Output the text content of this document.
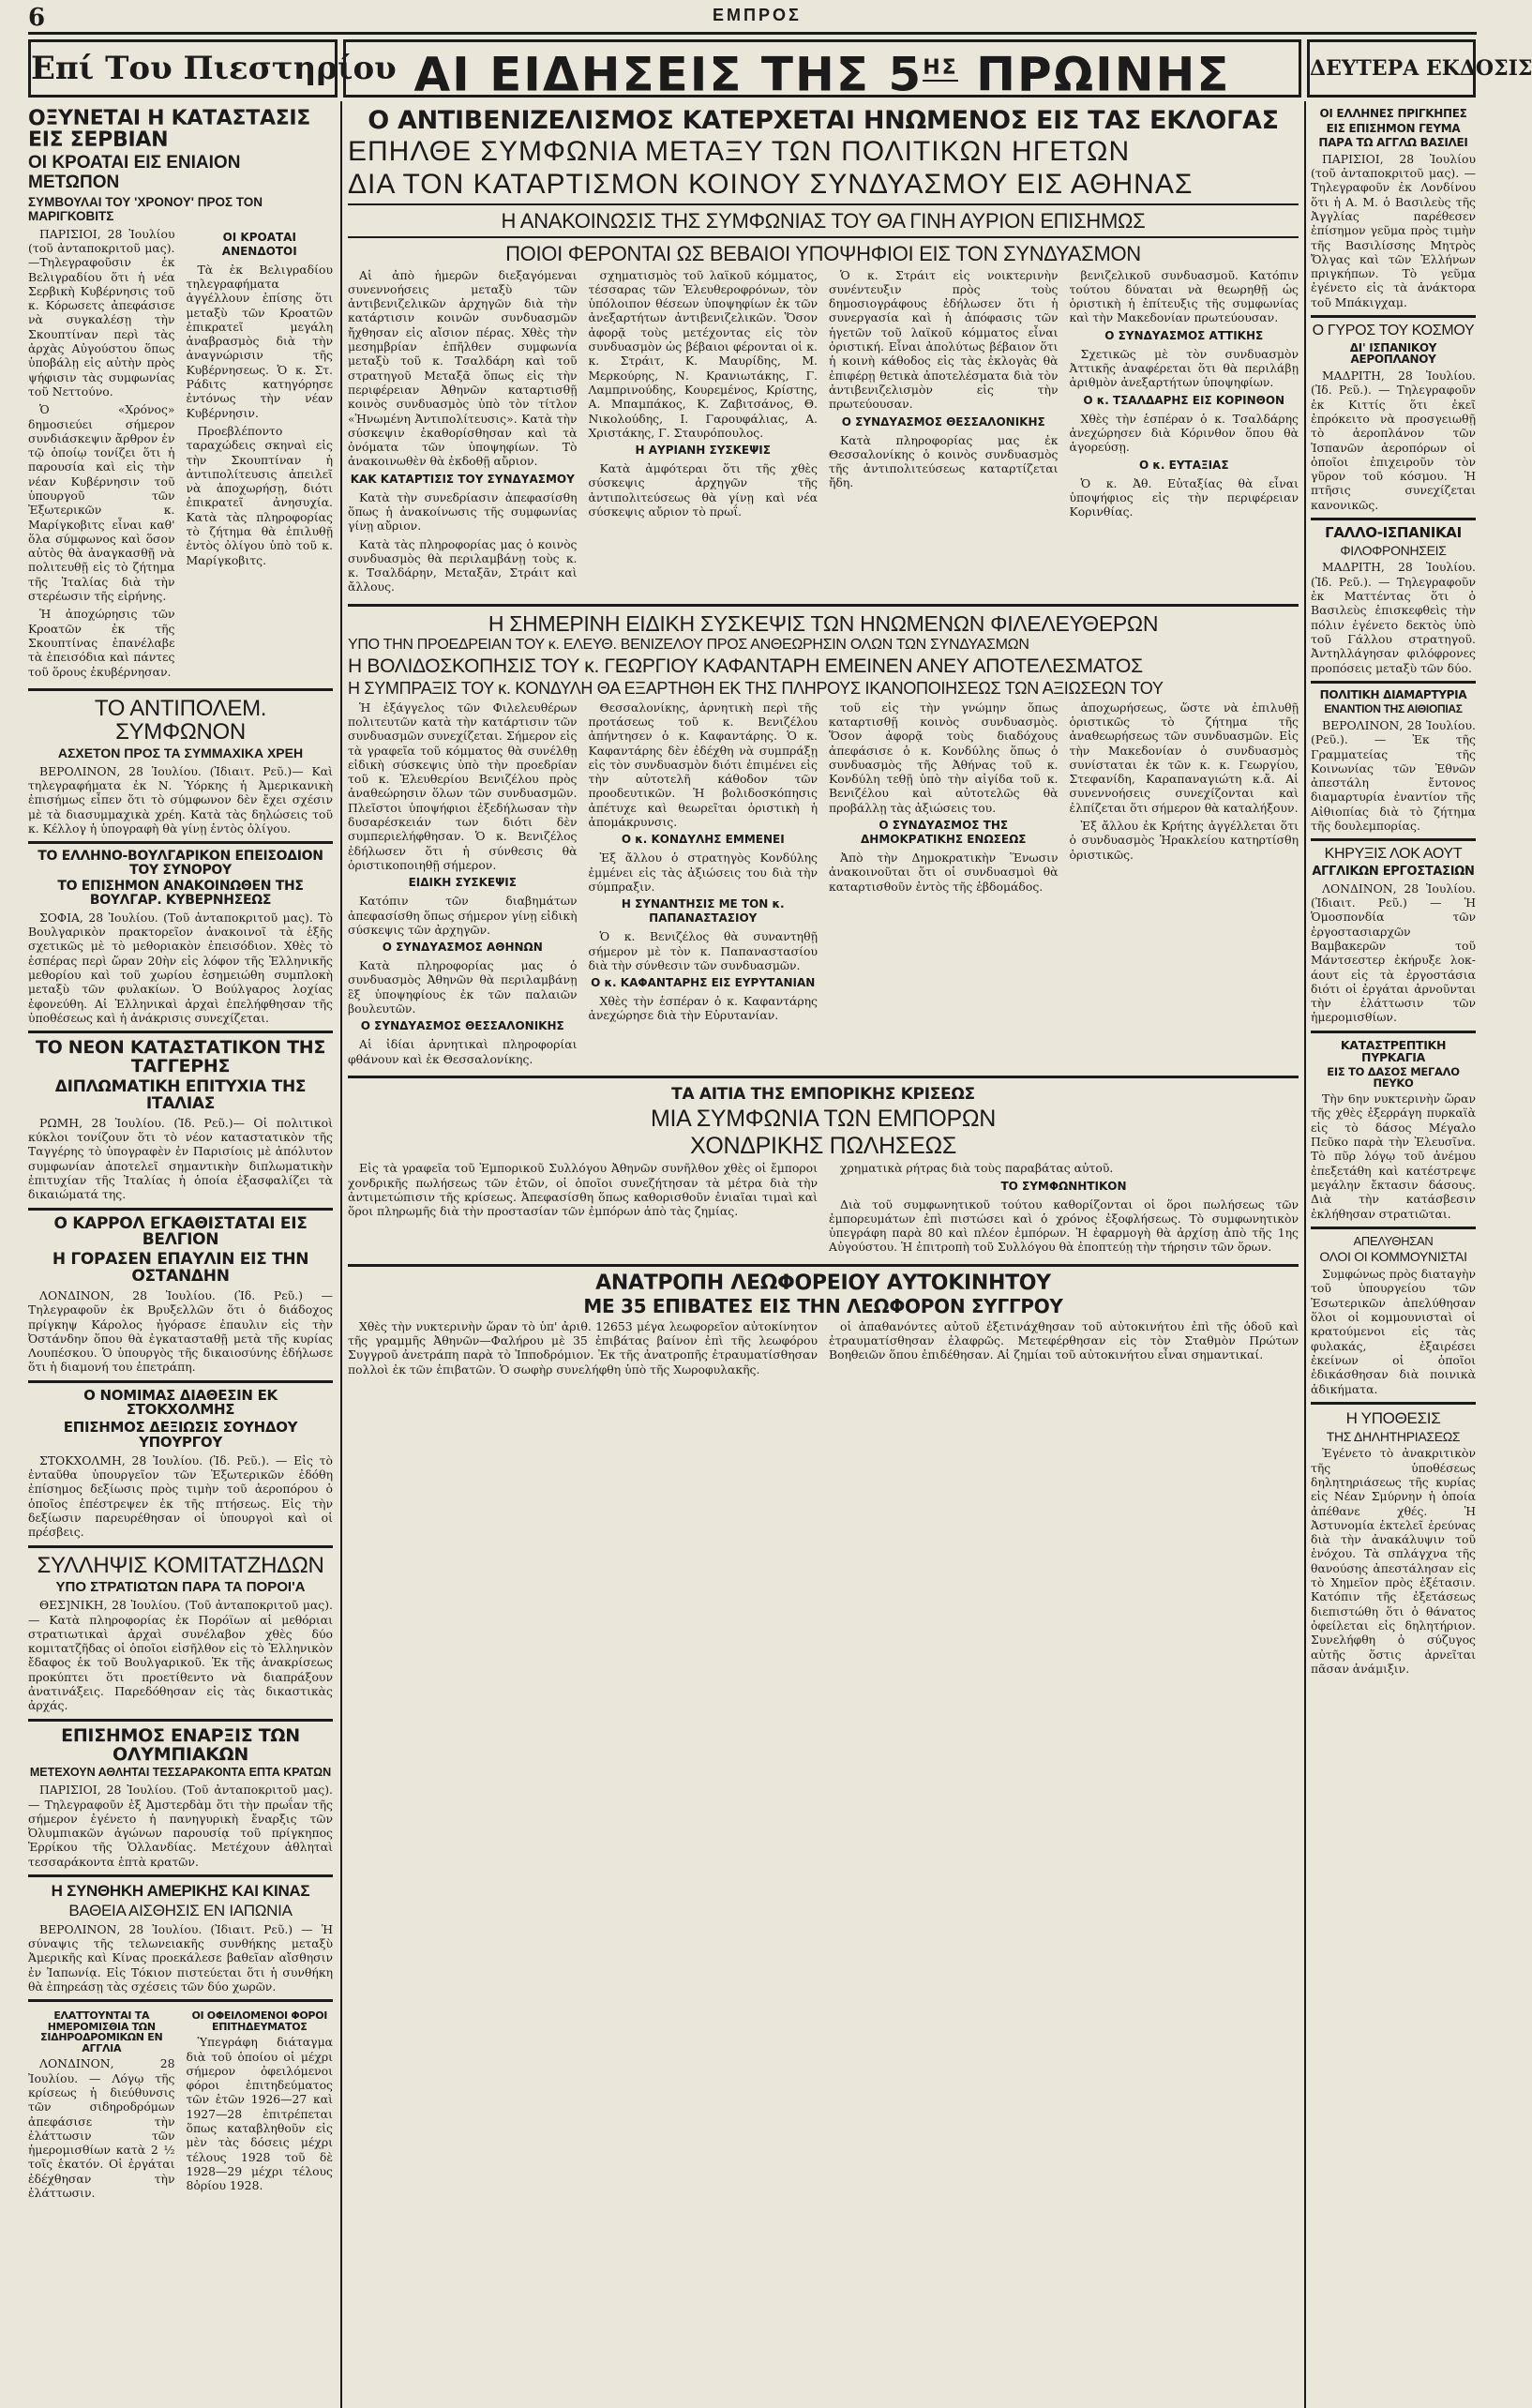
6	ΕΜΠΡΟΣ
Επί Του Πιεστηρίου ΑΙ ΕΙΔΗΣΕΙΣ ΤΗΣ $5^{H\Sigma}$ ΠΡΩΙΝΗΣ	ΔΕΥΤΕΡΑ ΕΚΔΟΣΙΣ
ΟΞΥΝΕΤΑΙ Η ΚΑΤΑΣΤΑΣΙΣ ΕΙΣ ΣΕΡΒΙΑΝ
ΟΙ ΚΡΟΑΤΑΙ ΕΙΣ ΕΝΙΑΙΟΝ ΜΕΤΩΠΟΝ
ΣΥΜΒΟΥΛΑΙ ΤΟΥ 'ΧΡΟΝΟΥ' ΠΡΟΣ ΤΟΝ ΜΑΡΙΓΚΟΒΙΤΣ

ΠΑΡΙΣΙΟΙ, 28 Ἰουλίου (τοῦ ἀνταποκριτοῦ μας). —Τηλεγραφοῦσιν ἐκ Βελιγραδίου ὅτι ἡ νέα Σερβικὴ Κυβέρνησις τοῦ κ. Κόρωσετς ἀπεφάσισε νὰ συγκαλέσῃ τὴν Σκουπτίναν περὶ τὰς ἀρχὰς Αὐγούστου ὅπως ὑποβάλῃ εἰς αὐτὴν πρὸς ψήφισιν τὰς συμφωνίας τοῦ Νεττούνο.

Ὁ «Χρόνος» δημοσιεύει σήμερον συνδιάσκεψιν ἄρθρον ἐν τῷ ὁποίῳ τονίζει ὅτι ἡ παρουσία καὶ εἰς τὴν νέαν Κυβέρνησιν τοῦ ὑπουργοῦ τῶν Ἐξωτερικῶν κ. Μαρίγκοβιτς εἶναι καθ' ὅλα σύμφωνος καὶ ὅσον αὐτὸς θὰ ἀναγκασθῇ νὰ πολιτευθῇ εἰς τὸ ζήτημα τῆς Ἰταλίας διὰ τὴν στερέωσιν τῆς εἰρήνης.

Ἡ ἀποχώρησις τῶν Κροατῶν ἐκ τῆς Σκουπτίνας ἐπανέλαβε τὰ ἐπεισόδια καὶ πάντες τοῦ ὅρους ἐκυβέρνησαν.

ΟΙ ΚΡΟΑΤΑΙ ΑΝΕΝΔΟΤΟΙ

Τὰ ἐκ Βελιγραδίου τηλεγραφήματα ἀγγέλλουν ἐπίσης ὅτι μεταξὺ τῶν Κροατῶν ἐπικρατεῖ μεγάλη ἀναβρασμὸς διὰ τὴν ἀναγνώρισιν τῆς Κυβέρνησεως. Ὁ κ. Στ. Ράδιτς κατηγόρησε ἐντόνως τὴν νέαν Κυβέρνησιν.

Προεβλέποντο ταραχώδεις σκηναὶ εἰς τὴν Σκουπτίναν ἡ ἀντιπολίτευσις ἀπειλεῖ νὰ ἀποχωρήσῃ, διότι ἐπικρατεῖ ἀνησυχία. Κατὰ τὰς πληροφορίας τὸ ζήτημα θὰ ἐπιλυθῇ ἐντὸς ὀλίγου ὑπὸ τοῦ κ. Μαρίγκοβιτς.

ΤΟ ΑΝΤΙΠΟΛΕΜ. ΣΥΜΦΩΝΟΝ
ΑΣΧΕΤΟΝ ΠΡΟΣ ΤΑ ΣΥΜΜΑΧΙΚΑ ΧΡΕΗ

ΒΕΡΟΛΙΝΟΝ, 28 Ἰουλίου. (Ἰδιαιτ. Ρεῦ.)— Καὶ τηλεγραφήματα ἐκ Ν. Ὑόρκης ἡ Ἀμερικανικὴ ἐπισήμως εἶπεν ὅτι τὸ σύμφωνον δὲν ἔχει σχέσιν μὲ τὰ διασυμμαχικὰ χρέη. Κατὰ τὰς δηλώσεις τοῦ κ. Κέλλογ ἡ ὑπογραφὴ θὰ γίνῃ ἐντὸς ὀλίγου.

ΤΟ ΕΛΛΗΝΟ-ΒΟΥΛΓΑΡΙΚΟΝ ΕΠΕΙΣΟΔΙΟΝ ΤΟΥ ΣΥΝΟΡΟΥ
ΤΟ ΕΠΙΣΗΜΟΝ ΑΝΑΚΟΙΝΩΘΕΝ ΤΗΣ ΒΟΥΛΓΑΡ. ΚΥΒΕΡΝΗΣΕΩΣ

ΣΟΦΙΑ, 28 Ἰουλίου. (Τοῦ ἀνταποκριτοῦ μας). Τὸ Βουλγαρικὸν πρακτορεῖον ἀνακοινοῖ τὰ ἑξῆς σχετικῶς μὲ τὸ μεθοριακὸν ἐπεισόδιον. Χθὲς τὸ ἑσπέρας περὶ ὥραν 20ὴν εἰς λόφον τῆς Ἑλληνικῆς μεθορίου καὶ τοῦ χωρίου ἐσημειώθη συμπλοκὴ μεταξὺ τῶν φυλακίων. Ὁ Βούλγαρος λοχίας ἐφονεύθη. Αἱ Ἑλληνικαὶ ἀρχαὶ ἐπελήφθησαν τῆς ὑποθέσεως καὶ ἡ ἀνάκρισις συνεχίζεται.

ΤΟ ΝΕΟΝ ΚΑΤΑΣΤΑΤΙΚΟΝ ΤΗΣ ΤΑΓΓΕΡΗΣ
ΔΙΠΛΩΜΑΤΙΚΗ ΕΠΙΤΥΧΙΑ ΤΗΣ ΙΤΑΛΙΑΣ

ΡΩΜΗ, 28 Ἰουλίου. (Ἰδ. Ρεῦ.)— Οἱ πολιτικοὶ κύκλοι τονίζουν ὅτι τὸ νέον καταστατικὸν τῆς Ταγγέρης τὸ ὑπογραφὲν ἐν Παρισίοις μὲ ἀπόλυτον συμφωνίαν ἀποτελεῖ σημαντικὴν διπλωματικὴν ἐπιτυχίαν τῆς Ἰταλίας ἡ ὁποία ἐξασφαλίζει τὰ δικαιώματά της.

Ο ΚΑΡΡΟΛ ΕΓΚΑΘΙΣΤΑΤΑΙ ΕΙΣ ΒΕΛΓΙΟΝ
Η ΓΟΡΑΣΕΝ ΕΠΑΥΛΙΝ ΕΙΣ ΤΗΝ ΟΣΤΑΝΔΗΝ

ΛΟΝΔΙΝΟΝ, 28 Ἰουλίου. (Ἰδ. Ρεῦ.) — Τηλεγραφοῦν ἐκ Βρυξελλῶν ὅτι ὁ διάδοχος πρίγκηψ Κάρολος ἠγόρασε ἐπαυλιν εἰς τὴν Ὀστάνδην ὅπου θὰ ἐγκατασταθῇ μετὰ τῆς κυρίας Λουπέσκου. Ὁ ὑπουργὸς τῆς δικαιοσύνης ἐδήλωσε ὅτι ἡ διαμονή του ἐπετράπη.

Ο ΝΟΜΙΜΑΣ ΔΙΑΘΕΣΙΝ ΕΚ ΣΤΟΚΧΟΛΜΗΣ
ΕΠΙΣΗΜΟΣ ΔΕΞΙΩΣΙΣ ΣΟΥΗΔΟΥ ΥΠΟΥΡΓΟΥ

ΣΤΟΚΧΟΛΜΗ, 28 Ἰουλίου. (Ἰδ. Ρεῦ.). — Εἰς τὸ ἐνταῦθα ὑπουργεῖον τῶν Ἐξωτερικῶν ἐδόθη ἐπίσημος δεξίωσις πρὸς τιμὴν τοῦ ἀεροπόρου ὁ ὁποῖος ἐπέστρεψεν ἐκ τῆς πτήσεως. Εἰς τὴν δεξίωσιν παρευρέθησαν οἱ ὑπουργοὶ καὶ οἱ πρέσβεις.

ΣΥΛΛΗΨΙΣ ΚΟΜΙΤΑΤΖΗΔΩΝ
ΥΠΟ ΣΤΡΑΤΙΩΤΩΝ ΠΑΡΑ ΤΑ ΠΟΡΟΙ'Α

ΘΕΣ]ΝΙΚΗ, 28 Ἰουλίου. (Τοῦ ἀνταποκριτοῦ μας). — Κατὰ πληροφορίας ἐκ Πορόϊων αἱ μεθόριαι στρατιωτικαὶ ἀρχαὶ συνέλαβον χθὲς δύο κομιτατζῆδας οἱ ὁποῖοι εἰσῆλθον εἰς τὸ Ἑλληνικὸν ἔδαφος ἐκ τοῦ Βουλγαρικοῦ. Ἐκ τῆς ἀνακρίσεως προκύπτει ὅτι προετίθεντο νὰ διαπράξουν ἀνατινάξεις. Παρεδόθησαν εἰς τὰς δικαστικὰς ἀρχάς.

ΕΠΙΣΗΜΟΣ ΕΝΑΡΞΙΣ ΤΩΝ ΟΛΥΜΠΙΑΚΩΝ
ΜΕΤΕΧΟΥΝ ΑΘΛΗΤΑΙ ΤΕΣΣΑΡΑΚΟΝΤΑ ΕΠΤΑ ΚΡΑΤΩΝ

ΠΑΡΙΣΙΟΙ, 28 Ἰουλίου. (Τοῦ ἀνταποκριτοῦ μας). — Τηλεγραφοῦν ἐξ Ἀμστερδὰμ ὅτι τὴν πρωΐαν τῆς σήμερον ἐγένετο ἡ πανηγυρικὴ ἔναρξις τῶν Ὀλυμπιακῶν ἀγώνων παρουσίᾳ τοῦ πρίγκηπος Ἑρρίκου τῆς Ὁλλανδίας. Μετέχουν ἀθληταὶ τεσσαράκοντα ἑπτὰ κρατῶν.

Η ΣΥΝΘΗΚΗ ΑΜΕΡΙΚΗΣ ΚΑΙ ΚΙΝΑΣ
ΒΑΘΕΙΑ ΑΙΣΘΗΣΙΣ ΕΝ ΙΑΠΩΝΙΑ

ΒΕΡΟΛΙΝΟΝ, 28 Ἰουλίου. (Ἰδιαιτ. Ρεῦ.) — Ἡ σύναψις τῆς τελωνειακῆς συνθήκης μεταξὺ Ἀμερικῆς καὶ Κίνας προεκάλεσε βαθεῖαν αἴσθησιν ἐν Ἰαπωνίᾳ. Εἰς Τόκιον πιστεύεται ὅτι ἡ συνθήκη θὰ ἐπηρεάσῃ τὰς σχέσεις τῶν δύο χωρῶν.

ΕΛΑΤΤΟΥΝΤΑΙ ΤΑ ΗΜΕΡΟΜΙΣΘΙΑ ΤΩΝ ΣΙΔΗΡΟΔΡΟΜΙΚΩΝ ΕΝ ΑΓΓΛΙΑ

ΛΟΝΔΙΝΟΝ, 28 Ἰουλίου. — Λόγῳ τῆς κρίσεως ἡ διεύθυνσις τῶν σιδηροδρόμων ἀπεφάσισε τὴν ἐλάττωσιν τῶν ἡμερομισθίων κατὰ 2 ½ τοῖς ἑκατόν. Οἱ ἐργάται ἐδέχθησαν τὴν ἐλάττωσιν.

ΟΙ ΟΦΕΙΛΟΜΕΝΟΙ ΦΟΡΟΙ ΕΠΙΤΗΔΕΥΜΑΤΟΣ

Ὑπεγράφη διάταγμα διὰ τοῦ ὁποίου οἱ μέχρι σήμερον ὀφειλόμενοι φόροι ἐπιτηδεύματος τῶν ἐτῶν 1926—27 καὶ 1927—28 ἐπιτρέπεται ὅπως καταβληθοῦν εἰς μὲν τὰς δόσεις μέχρι τέλους 1928 τοῦ δὲ 1928—29 μέχρι τέλους 8ὁρίου 1928.

Ο ΑΝΤΙΒΕΝΙΖΕΛΙΣΜΟΣ ΚΑΤΕΡΧΕΤΑΙ ΗΝΩΜΕΝΟΣ ΕΙΣ ΤΑΣ ΕΚΛΟΓΑΣ
ΕΠΗΛΘΕ ΣΥΜΦΩΝΙΑ ΜΕΤΑΞΥ ΤΩΝ ΠΟΛΙΤΙΚΩΝ ΗΓΕΤΩΝ
ΔΙΑ ΤΟΝ ΚΑΤΑΡΤΙΣΜΟΝ ΚΟΙΝΟΥ ΣΥΝΔΥΑΣΜΟΥ ΕΙΣ ΑΘΗΝΑΣ
Η ΑΝΑΚΟΙΝΩΣΙΣ ΤΗΣ ΣΥΜΦΩΝΙΑΣ ΤΟΥ ΘΑ ΓΙΝΗ ΑΥΡΙΟΝ ΕΠΙΣΗΜΩΣ
ΠΟΙΟΙ ΦΕΡΟΝΤΑΙ ΩΣ ΒΕΒΑΙΟΙ ΥΠΟΨΗΦΙΟΙ ΕΙΣ ΤΟΝ ΣΥΝΔΥΑΣΜΟΝ

Αἱ ἀπὸ ἡμερῶν διεξαγόμεναι συνεννοήσεις μεταξὺ τῶν ἀντιβενιζελικῶν ἀρχηγῶν διὰ τὴν κατάρτισιν κοινῶν συνδυασμῶν ἤχθησαν εἰς αἴσιον πέρας. Χθὲς τὴν μεσημβρίαν ἐπῆλθεν συμφωνία μεταξὺ τοῦ κ. Τσαλδάρη καὶ τοῦ στρατηγοῦ Μεταξᾶ ὅπως εἰς τὴν περιφέρειαν Ἀθηνῶν καταρτισθῇ κοινὸς συνδυασμὸς ὑπὸ τὸν τίτλον «Ἡνωμένη Ἀντιπολίτευσις». Κατὰ τὴν σύσκεψιν ἐκαθορίσθησαν καὶ τὰ ὀνόματα τῶν ὑποψηφίων. Τὸ ἀνακοινωθὲν θὰ ἐκδοθῇ αὔριον.

ΚΑΚ ΚΑΤΑΡΤΙΣΙΣ ΤΟΥ ΣΥΝΔΥΑΣΜΟΥ

Κατὰ τὴν συνεδρίασιν ἀπεφασίσθη ὅπως ἡ ἀνακοίνωσις τῆς συμφωνίας γίνῃ αὔριον.

Κατὰ τὰς πληροφορίας μας ὁ κοινὸς συνδυασμὸς θὰ περιλαμβάνῃ τοὺς κ. κ. Τσαλδάρην, Μεταξᾶν, Στράιτ καὶ ἄλλους.

σχηματισμὸς τοῦ λαϊκοῦ κόμματος, τέσσαρας τῶν Ἐλευθεροφρόνων, τὸν ὑπόλοιπον θέσεων ὑποψηφίων ἐκ τῶν ἀνεξαρτήτων ἀντιβενιζελικῶν. Ὅσον ἀφορᾷ τοὺς μετέχοντας εἰς τὸν συνδυασμὸν ὡς βέβαιοι φέρονται οἱ κ. κ. Στράιτ, Κ. Μαυρίδης, Μ. Μερκούρης, Ν. Κρανιωτάκης, Γ. Λαμπρινούδης, Κουρεμένος, Κρίστης, Α. Μπαμπάκος, Κ. Ζαβιτσάνος, Θ. Νικολούδης, Ι. Γαρουφάλιας, Α. Χριστάκης, Γ. Σταυρόπουλος.

Η ΑΥΡΙΑΝΗ ΣΥΣΚΕΨΙΣ

Κατὰ ἀμφότεραι ὅτι τῆς χθὲς σύσκεψις ἀρχηγῶν τῆς ἀντιπολιτεύσεως θὰ γίνῃ καὶ νέα σύσκεψις αὔριον τὸ πρωΐ.

Ὁ κ. Στράιτ εἰς νοικτερινὴν συνέντευξιν πρὸς τοὺς δημοσιογράφους ἐδήλωσεν ὅτι ἡ συνεργασία καὶ ἡ ἀπόφασις τῶν ἡγετῶν τοῦ λαϊκοῦ κόμματος εἶναι ὁριστική. Εἶναι ἀπολύτως βέβαιον ὅτι ἡ κοινὴ κάθοδος εἰς τὰς ἐκλογὰς θὰ ἐπιφέρῃ θετικὰ ἀποτελέσματα διὰ τὸν ἀντιβενιζελισμὸν εἰς τὴν πρωτεύουσαν.

Ο ΣΥΝΔΥΑΣΜΟΣ ΘΕΣΣΑΛΟΝΙΚΗΣ

Κατὰ πληροφορίας μας ἐκ Θεσσαλονίκης ὁ κοινὸς συνδυασμὸς τῆς ἀντιπολιτεύσεως καταρτίζεται ἤδη.

βενιζελικοῦ συνδυασμοῦ. Κατόπιν τούτου δύναται νὰ θεωρηθῇ ὡς ὁριστικὴ ἡ ἐπίτευξις τῆς συμφωνίας καὶ τὴν Μακεδονίαν πρωτεύουσαν.

Ο ΣΥΝΔΥΑΣΜΟΣ ΑΤΤΙΚΗΣ

Σχετικῶς μὲ τὸν συνδυασμὸν Ἀττικῆς ἀναφέρεται ὅτι θὰ περιλάβῃ ἀριθμὸν ἀνεξαρτήτων ὑποψηφίων.

Ο κ. ΤΣΑΛΔΑΡΗΣ ΕΙΣ ΚΟΡΙΝΘΟΝ

Χθὲς τὴν ἑσπέραν ὁ κ. Τσαλδάρης ἀνεχώρησεν διὰ Κόρινθον ὅπου θὰ ἀγορεύσῃ.

Ο κ. ΕΥΤΑΞΙΑΣ

Ὁ κ. Ἀθ. Εὐταξίας θὰ εἶναι ὑποψήφιος εἰς τὴν περιφέρειαν Κορινθίας.

Η ΣΗΜΕΡΙΝΗ ΕΙΔΙΚΗ ΣΥΣΚΕΨΙΣ ΤΩΝ ΗΝΩΜΕΝΩΝ ΦΙΛΕΛΕΥΘΕΡΩΝ
ΥΠΟ ΤΗΝ ΠΡΟΕΔΡΕΙΑΝ ΤΟΥ κ. ΕΛΕΥΘ. ΒΕΝΙΖΕΛΟΥ ΠΡΟΣ ΑΝΘΕΩΡΗΣΙΝ ΟΛΩΝ ΤΩΝ ΣΥΝΔΥΑΣΜΩΝ
Η ΒΟΛΙΔΟΣΚΟΠΗΣΙΣ ΤΟΥ κ. ΓΕΩΡΓΙΟΥ ΚΑΦΑΝΤΑΡΗ ΕΜΕΙΝΕΝ ΑΝΕΥ ΑΠΟΤΕΛΕΣΜΑΤΟΣ
Η ΣΥΜΠΡΑΞΙΣ ΤΟΥ κ. ΚΟΝΔΥΛΗ ΘΑ ΕΞΑΡΤΗΘΗ ΕΚ ΤΗΣ ΠΛΗΡΟΥΣ ΙΚΑΝΟΠΟΙΗΣΕΩΣ ΤΩΝ ΑΞΙΩΣΕΩΝ ΤΟΥ

Ἡ ἐξάγγελος τῶν Φιλελευθέρων πολιτευτῶν κατὰ τὴν κατάρτισιν τῶν συνδυασμῶν συνεχίζεται. Σήμερον εἰς τὰ γραφεῖα τοῦ κόμματος θὰ συνέλθῃ εἰδικὴ σύσκεψις ὑπὸ τὴν προεδρίαν τοῦ κ. Ἐλευθερίου Βενιζέλου πρὸς ἀναθεώρησιν ὅλων τῶν συνδυασμῶν. Πλεῖστοι ὑποψήφιοι ἐξεδήλωσαν τὴν δυσαρέσκειάν των διότι δὲν συμπεριελήφθησαν. Ὁ κ. Βενιζέλος ἐδήλωσεν ὅτι ἡ σύνθεσις θὰ ὁριστικοποιηθῇ σήμερον.

ΕΙΔΙΚΗ ΣΥΣΚΕΨΙΣ

Κατόπιν τῶν διαβημάτων ἀπεφασίσθη ὅπως σήμερον γίνῃ εἰδικὴ σύσκεψις τῶν ἀρχηγῶν.

Ο ΣΥΝΔΥΑΣΜΟΣ ΑΘΗΝΩΝ

Κατὰ πληροφορίας μας ὁ συνδυασμὸς Ἀθηνῶν θὰ περιλαμβάνῃ ἓξ ὑποψηφίους ἐκ τῶν παλαιῶν βουλευτῶν.

Ο ΣΥΝΔΥΑΣΜΟΣ ΘΕΣΣΑΛΟΝΙΚΗΣ

Αἱ ἰδίαι ἀρνητικαὶ πληροφορίαι φθάνουν καὶ ἐκ Θεσσαλονίκης.

Θεσσαλονίκης, ἀρνητικὴ περὶ τῆς προτάσεως τοῦ κ. Βενιζέλου ἀπήντησεν ὁ κ. Καφαντάρης. Ὁ κ. Καφαντάρης δὲν ἐδέχθη νὰ συμπράξῃ εἰς τὸν συνδυασμὸν διότι ἐπιμένει εἰς τὴν αὐτοτελῆ κάθοδον τῶν προοδευτικῶν. Ἡ βολιδοσκόπησις ἀπέτυχε καὶ θεωρεῖται ὁριστικὴ ἡ ἀπομάκρυνσις.

Ο κ. ΚΟΝΔΥΛΗΣ ΕΜΜΕΝΕΙ

Ἐξ ἄλλου ὁ στρατηγὸς Κονδύλης ἐμμένει εἰς τὰς ἀξιώσεις του διὰ τὴν σύμπραξιν.

Η ΣΥΝΑΝΤΗΣΙΣ ΜΕ ΤΟΝ κ. ΠΑΠΑΝΑΣΤΑΣΙΟΥ

Ὁ κ. Βενιζέλος θὰ συναντηθῇ σήμερον μὲ τὸν κ. Παπαναστασίου διὰ τὴν σύνθεσιν τῶν συνδυασμῶν.

Ο κ. ΚΑΦΑΝΤΑΡΗΣ ΕΙΣ ΕΥΡΥΤΑΝΙΑΝ

Χθὲς τὴν ἑσπέραν ὁ κ. Καφαντάρης ἀνεχώρησε διὰ τὴν Εὐρυτανίαν.

τοῦ εἰς τὴν γνώμην ὅπως καταρτισθῇ κοινὸς συνδυασμὸς. Ὅσον ἀφορᾷ τοὺς διαδόχους ἀπεφάσισε ὁ κ. Κονδύλης ὅπως ὁ συνδυασμὸς τῆς Ἀθήνας τοῦ κ. Κονδύλη τεθῇ ὑπὸ τὴν αἰγίδα τοῦ κ. Βενιζέλου καὶ αὐτοτελῶς θὰ προβάλλῃ τὰς ἀξιώσεις του.

Ο ΣΥΝΔΥΑΣΜΟΣ ΤΗΣ ΔΗΜΟΚΡΑΤΙΚΗΣ ΕΝΩΣΕΩΣ

Ἀπὸ τὴν Δημοκρατικὴν Ἕνωσιν ἀνακοινοῦται ὅτι οἱ συνδυασμοὶ θὰ καταρτισθοῦν ἐντὸς τῆς ἑβδομάδος.

ἀποχωρήσεως, ὥστε νὰ ἐπιλυθῇ ὁριστικῶς τὸ ζήτημα τῆς ἀναθεωρήσεως τῶν συνδυασμῶν. Εἰς τὴν Μακεδονίαν ὁ συνδυασμὸς συνίσταται ἐκ τῶν κ. κ. Γεωργίου, Στεφανίδη, Καραπαναγιώτη κ.ἄ. Αἱ συνεννοήσεις συνεχίζονται καὶ ἐλπίζεται ὅτι σήμερον θὰ καταλήξουν.

Ἐξ ἄλλου ἐκ Κρήτης ἀγγέλλεται ὅτι ὁ συνδυασμὸς Ἡρακλείου κατηρτίσθη ὁριστικῶς.

ΤΑ ΑΙΤΙΑ ΤΗΣ ΕΜΠΟΡΙΚΗΣ ΚΡΙΣΕΩΣ
ΜΙΑ ΣΥΜΦΩΝΙΑ ΤΩΝ ΕΜΠΟΡΩΝ
ΧΟΝΔΡΙΚΗΣ ΠΩΛΗΣΕΩΣ

Εἰς τὰ γραφεῖα τοῦ Ἐμπορικοῦ Συλλόγου Ἀθηνῶν συνῆλθον χθὲς οἱ ἔμποροι χονδρικῆς πωλήσεως τῶν ἐτῶν, οἱ ὁποῖοι συνεζήτησαν τὰ μέτρα διὰ τὴν ἀντιμετώπισιν τῆς κρίσεως. Ἀπεφασίσθη ὅπως καθορισθοῦν ἐνιαῖαι τιμαὶ καὶ ὅροι πληρωμῆς διὰ τὴν προστασίαν τῶν ἐμπόρων ἀπὸ τὰς ζημίας.

χρηματικὰ ρήτρας διὰ τοὺς παραβάτας αὐτοῦ.

ΤΟ ΣΥΜΦΩΝΗΤΙΚΟΝ

Διὰ τοῦ συμφωνητικοῦ τούτου καθορίζονται οἱ ὅροι πωλήσεως τῶν ἐμπορευμάτων ἐπὶ πιστώσει καὶ ὁ χρόνος ἐξοφλήσεως. Τὸ συμφωνητικὸν ὑπεγράφη παρὰ 80 καὶ πλέον ἐμπόρων. Ἡ ἐφαρμογὴ θὰ ἀρχίσῃ ἀπὸ τῆς 1ης Αὐγούστου. Ἡ ἐπιτροπὴ τοῦ Συλλόγου θὰ ἐποπτεύῃ τὴν τήρησιν τῶν ὅρων.

ΑΝΑΤΡΟΠΗ ΛΕΩΦΟΡΕΙΟΥ ΑΥΤΟΚΙΝΗΤΟΥ
ΜΕ 35 ΕΠΙΒΑΤΕΣ ΕΙΣ ΤΗΝ ΛΕΩΦΟΡΟΝ ΣΥΓΓΡΟΥ

Χθὲς τὴν νυκτερινὴν ὥραν τὸ ὑπ' ἀριθ. 12653 μέγα λεωφορεῖον αὐτοκίνητον τῆς γραμμῆς Ἀθηνῶν—Φαλήρου μὲ 35 ἐπιβάτας βαίνον ἐπὶ τῆς λεωφόρου Συγγροῦ ἀνετράπη παρὰ τὸ Ἱπποδρόμιον. Ἐκ τῆς ἀνατροπῆς ἐτραυματίσθησαν πολλοὶ ἐκ τῶν ἐπιβατῶν. Ὁ σωφὴρ συνελήφθη ὑπὸ τῆς Χωροφυλακῆς.

οἱ ἀπαθανόντες αὐτοῦ ἐξετινάχθησαν τοῦ αὐτοκινήτου ἐπὶ τῆς ὁδοῦ καὶ ἐτραυματίσθησαν ἐλαφρῶς. Μετεφέρθησαν εἰς τὸν Σταθμὸν Πρώτων Βοηθειῶν ὅπου ἐπιδέθησαν. Αἱ ζημίαι τοῦ αὐτοκινήτου εἶναι σημαντικαί.

ΟΙ ΕΛΛΗΝΕΣ ΠΡΙΓΚΗΠΕΣ
ΕΙΣ ΕΠΙΣΗΜΟΝ ΓΕΥΜΑ
ΠΑΡΑ ΤΩ ΑΓΓΛΩ ΒΑΣΙΛΕΙ

ΠΑΡΙΣΙΟΙ, 28 Ἰουλίου (τοῦ ἀνταποκριτοῦ μας). —Τηλεγραφοῦν ἐκ Λονδίνου ὅτι ἡ Α. Μ. ὁ Βασιλεὺς τῆς Ἀγγλίας παρέθεσεν ἐπίσημον γεῦμα πρὸς τιμὴν τῆς Βασιλίσσης Μητρὸς Ὄλγας καὶ τῶν Ἑλλήνων πριγκήπων. Τὸ γεῦμα ἐγένετο εἰς τὰ ἀνάκτορα τοῦ Μπάκιγχαμ.

Ο ΓΥΡΟΣ ΤΟΥ ΚΟΣΜΟΥ
ΔΙ' ΙΣΠΑΝΙΚΟΥ ΑΕΡΟΠΛΑΝΟΥ

ΜΑΔΡΙΤΗ, 28 Ἰουλίου. (Ἰδ. Ρεῦ.). — Τηλεγραφοῦν ἐκ Κιττίς ὅτι ἐκεῖ ἐπρόκειτο νὰ προσγειωθῇ τὸ ἀεροπλάνον τῶν Ἰσπανῶν ἀεροπόρων οἱ ὁποῖοι ἐπιχειροῦν τὸν γῦρον τοῦ κόσμου. Ἡ πτῆσις συνεχίζεται κανονικῶς.

ΓΑΛΛΟ-ΙΣΠΑΝΙΚΑΙ
ΦΙΛΟΦΡΟΝΗΣΕΙΣ

ΜΑΔΡΙΤΗ, 28 Ἰουλίου. (Ἰδ. Ρεῦ.). — Τηλεγραφοῦν ἐκ Ματτέντας ὅτι ὁ Βασιλεὺς ἐπισκεφθεὶς τὴν πόλιν ἐγένετο δεκτὸς ὑπὸ τοῦ Γάλλου στρατηγοῦ. Ἀντηλλάγησαν φιλόφρονες προπόσεις μεταξὺ τῶν δύο.

ΠΟΛΙΤΙΚΗ ΔΙΑΜΑΡΤΥΡΙΑ
ΕΝΑΝΤΙΟΝ ΤΗΣ ΑΙΘΙΟΠΙΑΣ

ΒΕΡΟΛΙΝΟΝ, 28 Ἰουλίου. (Ρεῦ.). — Ἐκ τῆς Γραμματείας τῆς Κοινωνίας τῶν Ἐθνῶν ἀπεστάλη ἔντονος διαμαρτυρία ἐναντίον τῆς Αἰθιοπίας διὰ τὸ ζήτημα τῆς δουλεμπορίας.

ΚΗΡΥΞΙΣ ΛΟΚ ΑΟΥΤ
ΑΓΓΛΙΚΩΝ ΕΡΓΟΣΤΑΣΙΩΝ

ΛΟΝΔΙΝΟΝ, 28 Ἰουλίου. (Ἰδιαιτ. Ρεῦ.) — Ἡ Ὁμοσπονδία τῶν ἐργοστασιαρχῶν Βαμβακερῶν τοῦ Μάντσεστερ ἐκήρυξε λοκ-άουτ εἰς τὰ ἐργοστάσια διότι οἱ ἐργάται ἀρνοῦνται τὴν ἐλάττωσιν τῶν ἡμερομισθίων.

ΚΑΤΑΣΤΡΕΠΤΙΚΗ ΠΥΡΚΑΓΙΑ
ΕΙΣ ΤΟ ΔΑΣΟΣ ΜΕΓΑΛΟ ΠΕΥΚΟ

Τὴν 6ην νυκτερινὴν ὥραν τῆς χθὲς ἐξερράγη πυρκαϊὰ εἰς τὸ δάσος Μέγαλο Πεῦκο παρὰ τὴν Ἐλευσῖνα. Τὸ πῦρ λόγῳ τοῦ ἀνέμου ἐπεξετάθη καὶ κατέστρεψε μεγάλην ἔκτασιν δάσους. Διὰ τὴν κατάσβεσιν ἐκλήθησαν στρατιῶται.

ΑΠΕΛΥΘΗΣΑΝ
ΟΛΟΙ ΟΙ ΚΟΜΜΟΥΝΙΣΤΑΙ

Συμφώνως πρὸς διαταγὴν τοῦ ὑπουργείου τῶν Ἐσωτερικῶν ἀπελύθησαν ὅλοι οἱ κομμουνισταὶ οἱ κρατούμενοι εἰς τὰς φυλακάς, ἐξαιρέσει ἐκείνων οἱ ὁποῖοι ἐδικάσθησαν διὰ ποινικὰ ἀδικήματα.

Η ΥΠΟΘΕΣΙΣ
ΤΗΣ ΔΗΛΗΤΗΡΙΑΣΕΩΣ

Ἐγένετο τὸ ἀνακριτικὸν τῆς ὑποθέσεως δηλητηριάσεως τῆς κυρίας εἰς Νέαν Σμύρνην ἡ ὁποία ἀπέθανε χθές. Ἡ Ἀστυνομία ἐκτελεῖ ἐρεύνας διὰ τὴν ἀνακάλυψιν τοῦ ἐνόχου. Τὰ σπλάγχνα τῆς θανούσης ἀπεστάλησαν εἰς τὸ Χημεῖον πρὸς ἐξέτασιν. Κατόπιν τῆς ἐξετάσεως διεπιστώθη ὅτι ὁ θάνατος ὀφείλεται εἰς δηλητήριον. Συνελήφθη ὁ σύζυγος αὐτῆς ὅστις ἀρνεῖται πᾶσαν ἀνάμιξιν.
